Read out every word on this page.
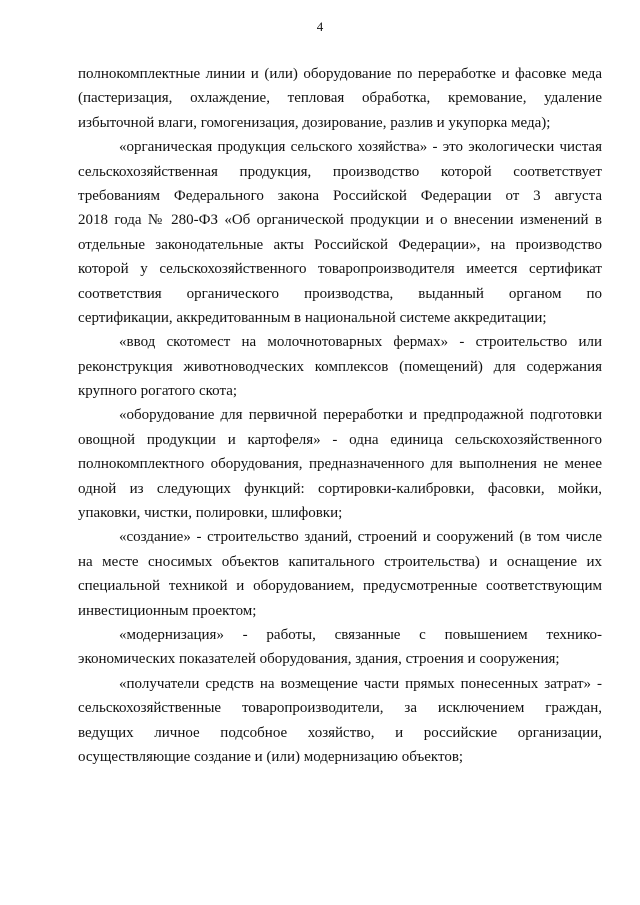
4
полнокомплектные линии и (или) оборудование по переработке и фасовке меда
(пастеризация, охлаждение, тепловая обработка, кремование, удаление
избыточной влаги, гомогенизация, дозирование, разлив и укупорка меда);
«органическая продукция сельского хозяйства» - это экологически чистая
сельскохозяйственная продукция, производство которой соответствует
требованиям Федерального закона Российской Федерации от 3 августа
2018 года № 280-ФЗ «Об органической продукции и о внесении изменений в
отдельные законодательные акты Российской Федерации», на производство
которой у сельскохозяйственного товаропроизводителя имеется сертификат
соответствия органического производства, выданный органом по
сертификации, аккредитованным в национальной системе аккредитации;
«ввод скотомест на молочнотоварных фермах» - строительство или
реконструкция животноводческих комплексов (помещений) для содержания
крупного рогатого скота;
«оборудование для первичной переработки и предпродажной подготовки
овощной продукции и картофеля» - одна единица сельскохозяйственного
полнокомплектного оборудования, предназначенного для выполнения не менее
одной из следующих функций: сортировки-калибровки, фасовки, мойки,
упаковки, чистки, полировки, шлифовки;
«создание» - строительство зданий, строений и сооружений (в том числе
на месте сносимых объектов капитального строительства) и оснащение их
специальной техникой и оборудованием, предусмотренные соответствующим
инвестиционным проектом;
«модернизация» - работы, связанные с повышением технико-
экономических показателей оборудования, здания, строения и сооружения;
«получатели средств на возмещение части прямых понесенных затрат» -
сельскохозяйственные товаропроизводители, за исключением граждан,
ведущих личное подсобное хозяйство, и российские организации,
осуществляющие создание и (или) модернизацию объектов;
